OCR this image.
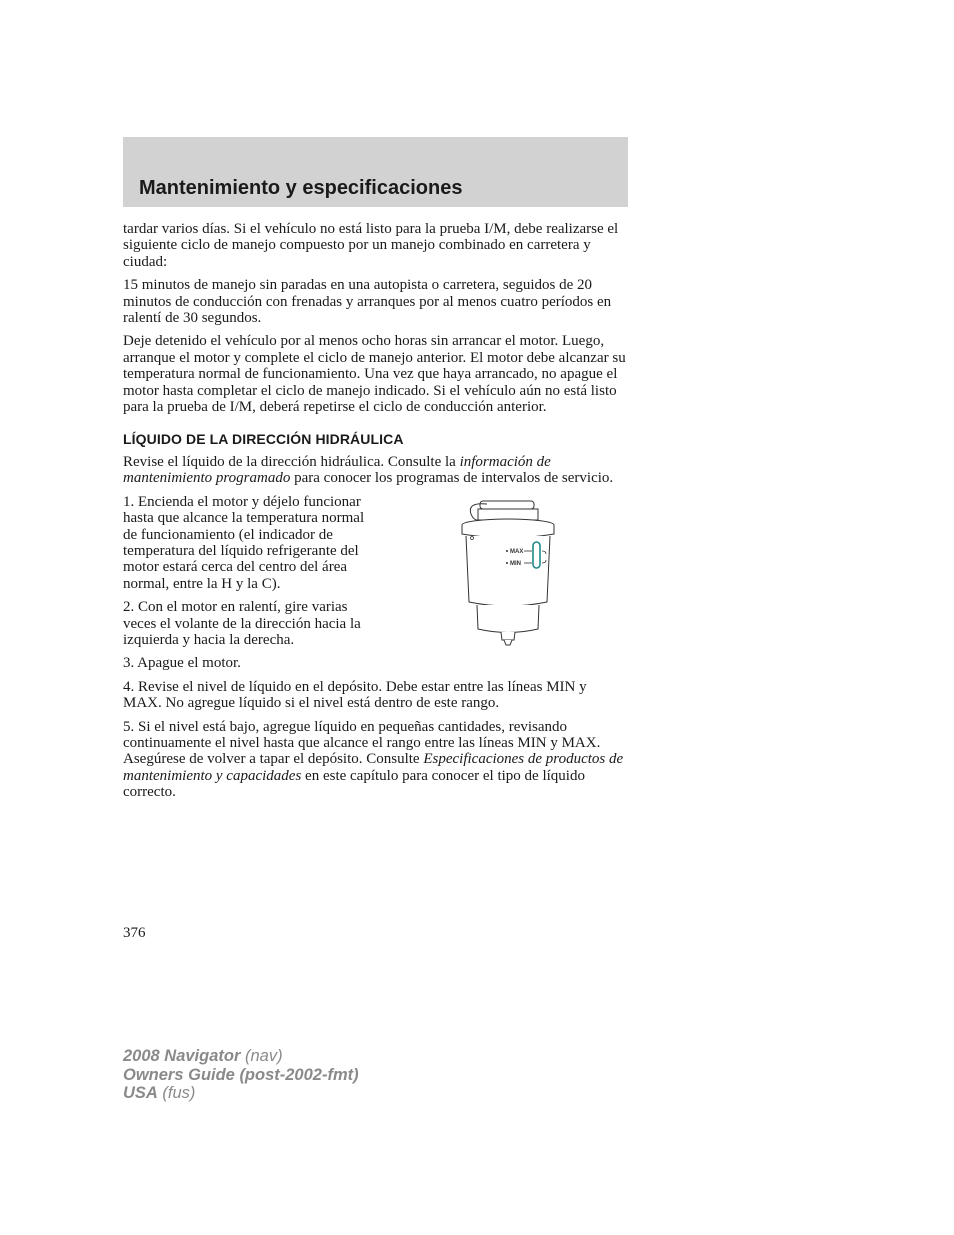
Mantenimiento y especificaciones

tardar varios días. Si el vehículo no está listo para la prueba I/M, debe realizarse el siguiente ciclo de manejo compuesto por un manejo combinado en carretera y ciudad:

15 minutos de manejo sin paradas en una autopista o carretera, seguidos de 20 minutos de conducción con frenadas y arranques por al menos cuatro períodos en ralentí de 30 segundos.

Deje detenido el vehículo por al menos ocho horas sin arrancar el motor. Luego, arranque el motor y complete el ciclo de manejo anterior. El motor debe alcanzar su temperatura normal de funcionamiento. Una vez que haya arrancado, no apague el motor hasta completar el ciclo de manejo indicado. Si el vehículo aún no está listo para la prueba de I/M, deberá repetirse el ciclo de conducción anterior.

LÍQUIDO DE LA DIRECCIÓN HIDRÁULICA

Revise el líquido de la dirección hidráulica. Consulte la información de mantenimiento programado para conocer los programas de intervalos de servicio.

1. Encienda el motor y déjelo funcionar hasta que alcance la temperatura normal de funcionamiento (el indicador de temperatura del líquido refrigerante del motor estará cerca del centro del área normal, entre la H y la C).

2. Con el motor en ralentí, gire varias veces el volante de la dirección hacia la izquierda y hacia la derecha.

MAX
MIN

3. Apague el motor.

4. Revise el nivel de líquido en el depósito. Debe estar entre las líneas MIN y MAX. No agregue líquido si el nivel está dentro de este rango.

5. Si el nivel está bajo, agregue líquido en pequeñas cantidades, revisando continuamente el nivel hasta que alcance el rango entre las líneas MIN y MAX. Asegúrese de volver a tapar el depósito. Consulte Especificaciones de productos de mantenimiento y capacidades en este capítulo para conocer el tipo de líquido correcto.

376
2008 Navigator (nav)
Owners Guide (post-2002-fmt)
USA (fus)
